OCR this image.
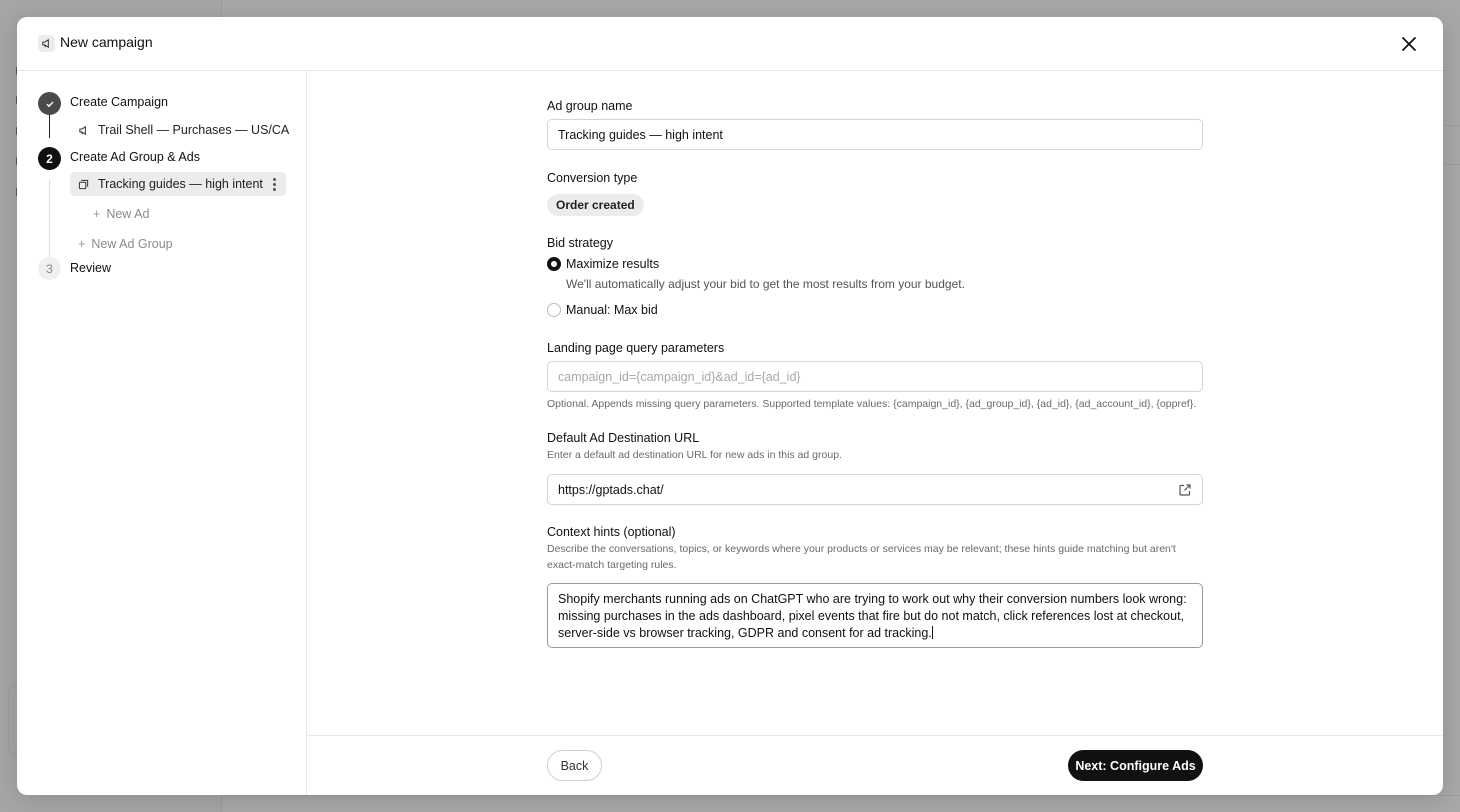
New campaign
Create Campaign
Trail Shell — Purchases — US/CA
2	Create Ad Group & Ads
Tracking guides — high intent
+ New Ad
+ New Ad Group
3	Review
Ad group name
Tracking guides — high intent
Conversion type
Order created
Bid strategy
Maximize results
We'll automatically adjust your bid to get the most results from your budget.
Manual: Max bid
Landing page query parameters
campaign_id={campaign_id}&ad_id={ad_id}
Optional. Appends missing query parameters. Supported template values: {campaign_id}, {ad_group_id}, {ad_id}, {ad_account_id}, {oppref}.
Default Ad Destination URL
Enter a default ad destination URL for new ads in this ad group.
https://gptads.chat/
Context hints (optional)
Describe the conversations, topics, or keywords where your products or services may be relevant; these hints guide matching but aren't exact-match targeting rules.
Shopify merchants running ads on ChatGPT who are trying to work out why their conversion numbers look wrong: missing purchases in the ads dashboard, pixel events that fire but do not match, click references lost at checkout, server-side vs browser tracking, GDPR and consent for ad tracking.
Back	Next: Configure Ads
